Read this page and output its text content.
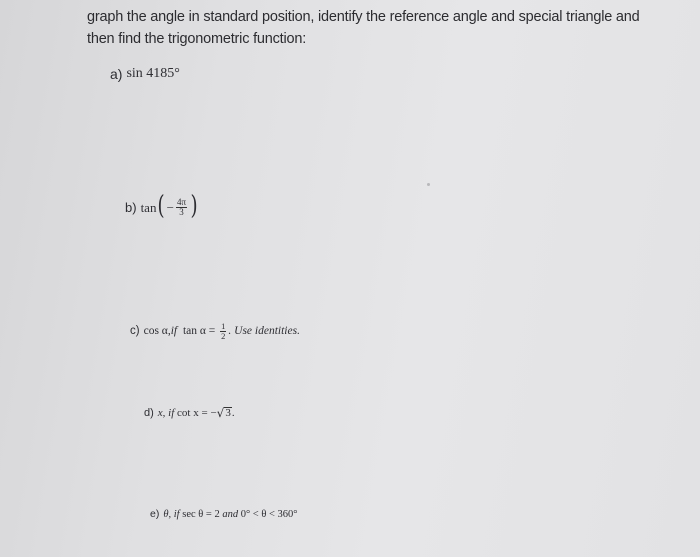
graph the angle in standard position, identify the reference angle and special triangle and
then find the trigonometric function:
a) sin 4185°
b) tan ( − $\frac{4\pi}{3}$ )
c) cos α, if $\tan \alpha = \frac{1}{2}$ . Use identities.
d) x, if cot x = − √ 3 .
e) θ, if sec θ = 2 and 0° < θ < 360°
